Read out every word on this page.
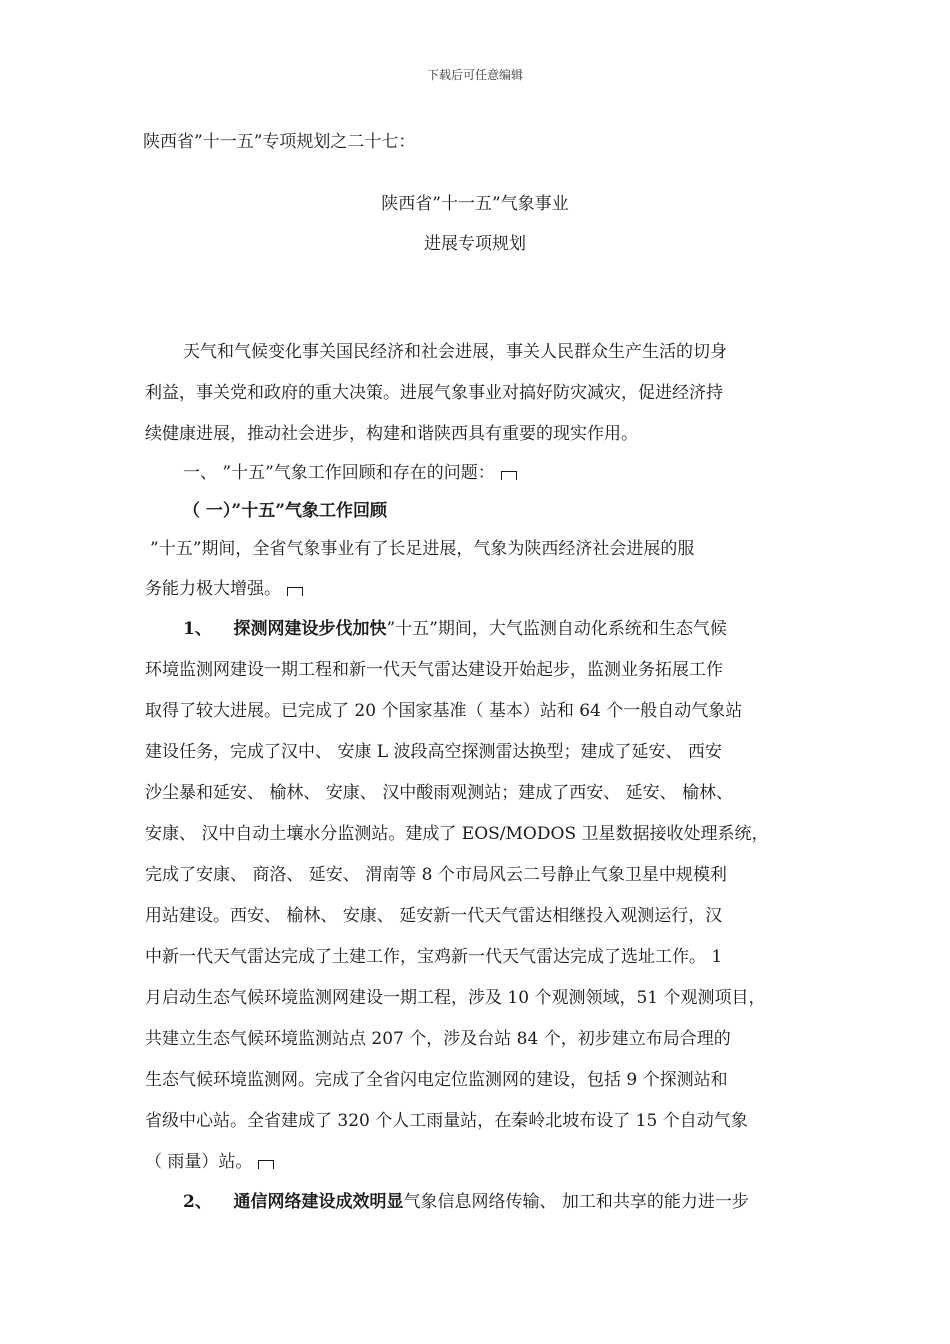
下载后可任意编辑
陕西省”十一五”专项规划之二十七：
陕西省”十一五”气象事业
进展专项规划
天气和气候变化事关国民经济和社会进展，事关人民群众生产生活的切身
利益，事关党和政府的重大决策。进展气象事业对搞好防灾减灾，促进经济持
续健康进展，推动社会进步，构建和谐陕西具有重要的现实作用。
一、 ”十五”气象工作回顾和存在的问题：
（ 一）”十五”气象工作回顾
”十五”期间，全省气象事业有了长足进展，气象为陕西经济社会进展的服
务能力极大增强。
1、 探测网建设步伐加快”十五”期间，大气监测自动化系统和生态气候
环境监测网建设一期工程和新一代天气雷达建设开始起步，监测业务拓展工作
取得了较大进展。已完成了 20 个国家基准（ 基本）站和 64 个一般自动气象站
建设任务，完成了汉中、 安康 L 波段高空探测雷达换型；建成了延安、 西安
沙尘暴和延安、 榆林、 安康、 汉中酸雨观测站；建成了西安、 延安、 榆林、
安康、 汉中自动土壤水分监测站。建成了 EOS/MODOS 卫星数据接收处理系统，
完成了安康、 商洛、 延安、 渭南等 8 个市局风云二号静止气象卫星中规模利
用站建设。西安、 榆林、 安康、 延安新一代天气雷达相继投入观测运行，汉
中新一代天气雷达完成了土建工作，宝鸡新一代天气雷达完成了选址工作。 1
月启动生态气候环境监测网建设一期工程，涉及 10 个观测领域，51 个观测项目，
共建立生态气候环境监测站点 207 个，涉及台站 84 个，初步建立布局合理的
生态气候环境监测网。完成了全省闪电定位监测网的建设，包括 9 个探测站和
省级中心站。全省建成了 320 个人工雨量站，在秦岭北坡布设了 15 个自动气象
（ 雨量）站。
2、 通信网络建设成效明显气象信息网络传输、 加工和共享的能力进一步
